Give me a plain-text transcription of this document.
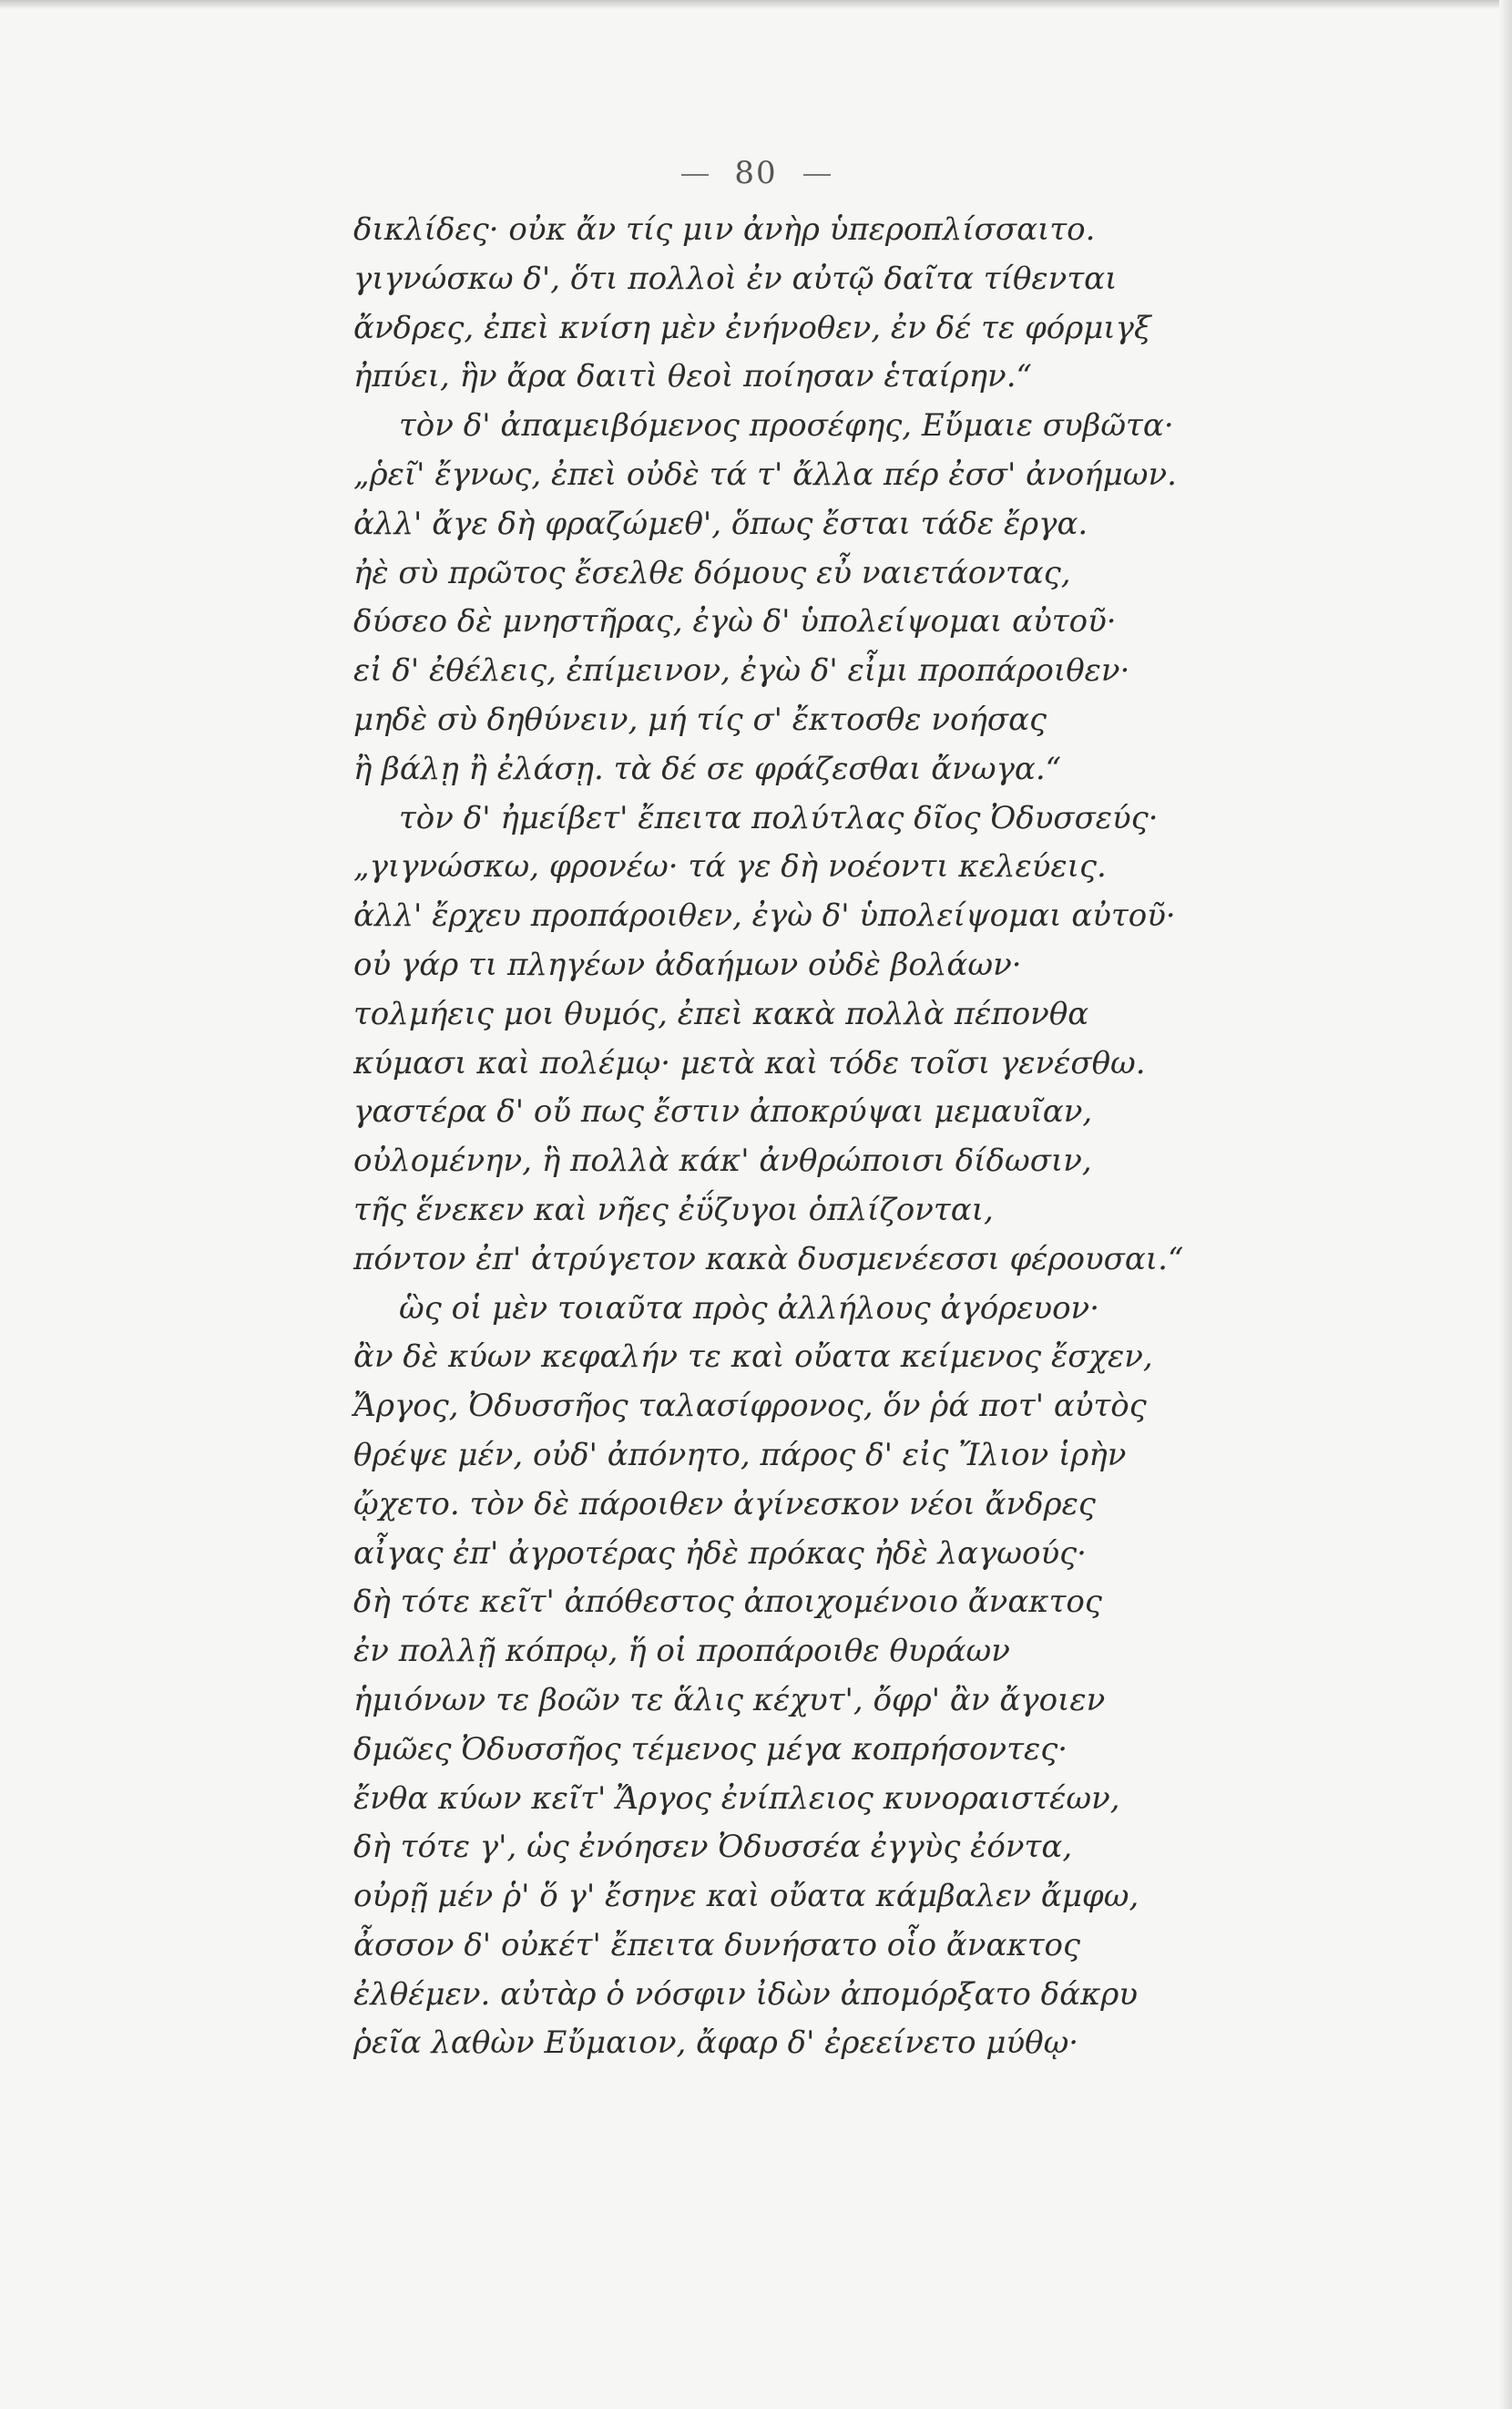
80
δικλίδες· οὐκ ἄν τίς μιν ἀνὴρ ὑπεροπλίσσαιτο.
γιγνώσκω δ', ὅτι πολλοὶ ἐν αὐτῷ δαῖτα τίθενται
ἄνδρες, ἐπεὶ κνίση μὲν ἐνήνοθεν, ἐν δέ τε φόρμιγξ
ἠπύει, ἣν ἄρα δαιτὶ θεοὶ ποίησαν ἑταίρην.“
τὸν δ' ἀπαμειβόμενος προσέφης, Εὔμαιε συβῶτα·
„ῥεῖ' ἔγνως, ἐπεὶ οὐδὲ τά τ' ἄλλα πέρ ἐσσ' ἀνοήμων.
ἀλλ' ἄγε δὴ φραζώμεθ', ὅπως ἔσται τάδε ἔργα.
ἠὲ σὺ πρῶτος ἔσελθε δόμους εὖ ναιετάοντας,
δύσεο δὲ μνηστῆρας, ἐγὼ δ' ὑπολείψομαι αὐτοῦ·
εἰ δ' ἐθέλεις, ἐπίμεινον, ἐγὼ δ' εἶμι προπάροιθεν·
μηδὲ σὺ δηθύνειν, μή τίς σ' ἔκτοσθε νοήσας
ἢ βάλῃ ἢ ἐλάσῃ. τὰ δέ σε φράζεσθαι ἄνωγα.“
τὸν δ' ἠμείβετ' ἔπειτα πολύτλας δῖος Ὀδυσσεύς·
„γιγνώσκω, φρονέω· τά γε δὴ νοέοντι κελεύεις.
ἀλλ' ἔρχευ προπάροιθεν, ἐγὼ δ' ὑπολείψομαι αὐτοῦ·
οὐ γάρ τι πληγέων ἀδαήμων οὐδὲ βολάων·
τολμήεις μοι θυμός, ἐπεὶ κακὰ πολλὰ πέπονθα
κύμασι καὶ πολέμῳ· μετὰ καὶ τόδε τοῖσι γενέσθω.
γαστέρα δ' οὔ πως ἔστιν ἀποκρύψαι μεμαυῖαν,
οὐλομένην, ἣ πολλὰ κάκ' ἀνθρώποισι δίδωσιν,
τῆς ἕνεκεν καὶ νῆες ἐΰζυγοι ὁπλίζονται,
πόντον ἐπ' ἀτρύγετον κακὰ δυσμενέεσσι φέρουσαι.“
ὣς οἱ μὲν τοιαῦτα πρὸς ἀλλήλους ἀγόρευον·
ἂν δὲ κύων κεφαλήν τε καὶ οὔατα κείμενος ἔσχεν,
Ἄργος, Ὀδυσσῆος ταλασίφρονος, ὅν ῥά ποτ' αὐτὸς
θρέψε μέν, οὐδ' ἀπόνητο, πάρος δ' εἰς Ἴλιον ἱρὴν
ᾤχετο. τὸν δὲ πάροιθεν ἀγίνεσκον νέοι ἄνδρες
αἶγας ἐπ' ἀγροτέρας ἠδὲ πρόκας ἠδὲ λαγωούς·
δὴ τότε κεῖτ' ἀπόθεστος ἀποιχομένοιο ἄνακτος
ἐν πολλῇ κόπρῳ, ἥ οἱ προπάροιθε θυράων
ἡμιόνων τε βοῶν τε ἅλις κέχυτ', ὄφρ' ἂν ἄγοιεν
δμῶες Ὀδυσσῆος τέμενος μέγα κοπρήσοντες·
ἔνθα κύων κεῖτ' Ἄργος ἐνίπλειος κυνοραιστέων,
δὴ τότε γ', ὡς ἐνόησεν Ὀδυσσέα ἐγγὺς ἐόντα,
οὐρῇ μέν ῥ' ὅ γ' ἔσηνε καὶ οὔατα κάμβαλεν ἄμφω,
ἆσσον δ' οὐκέτ' ἔπειτα δυνήσατο οἷο ἄνακτος
ἐλθέμεν. αὐτὰρ ὁ νόσφιν ἰδὼν ἀπομόρξατο δάκρυ
ῥεῖα λαθὼν Εὔμαιον, ἄφαρ δ' ἐρεείνετο μύθῳ·
